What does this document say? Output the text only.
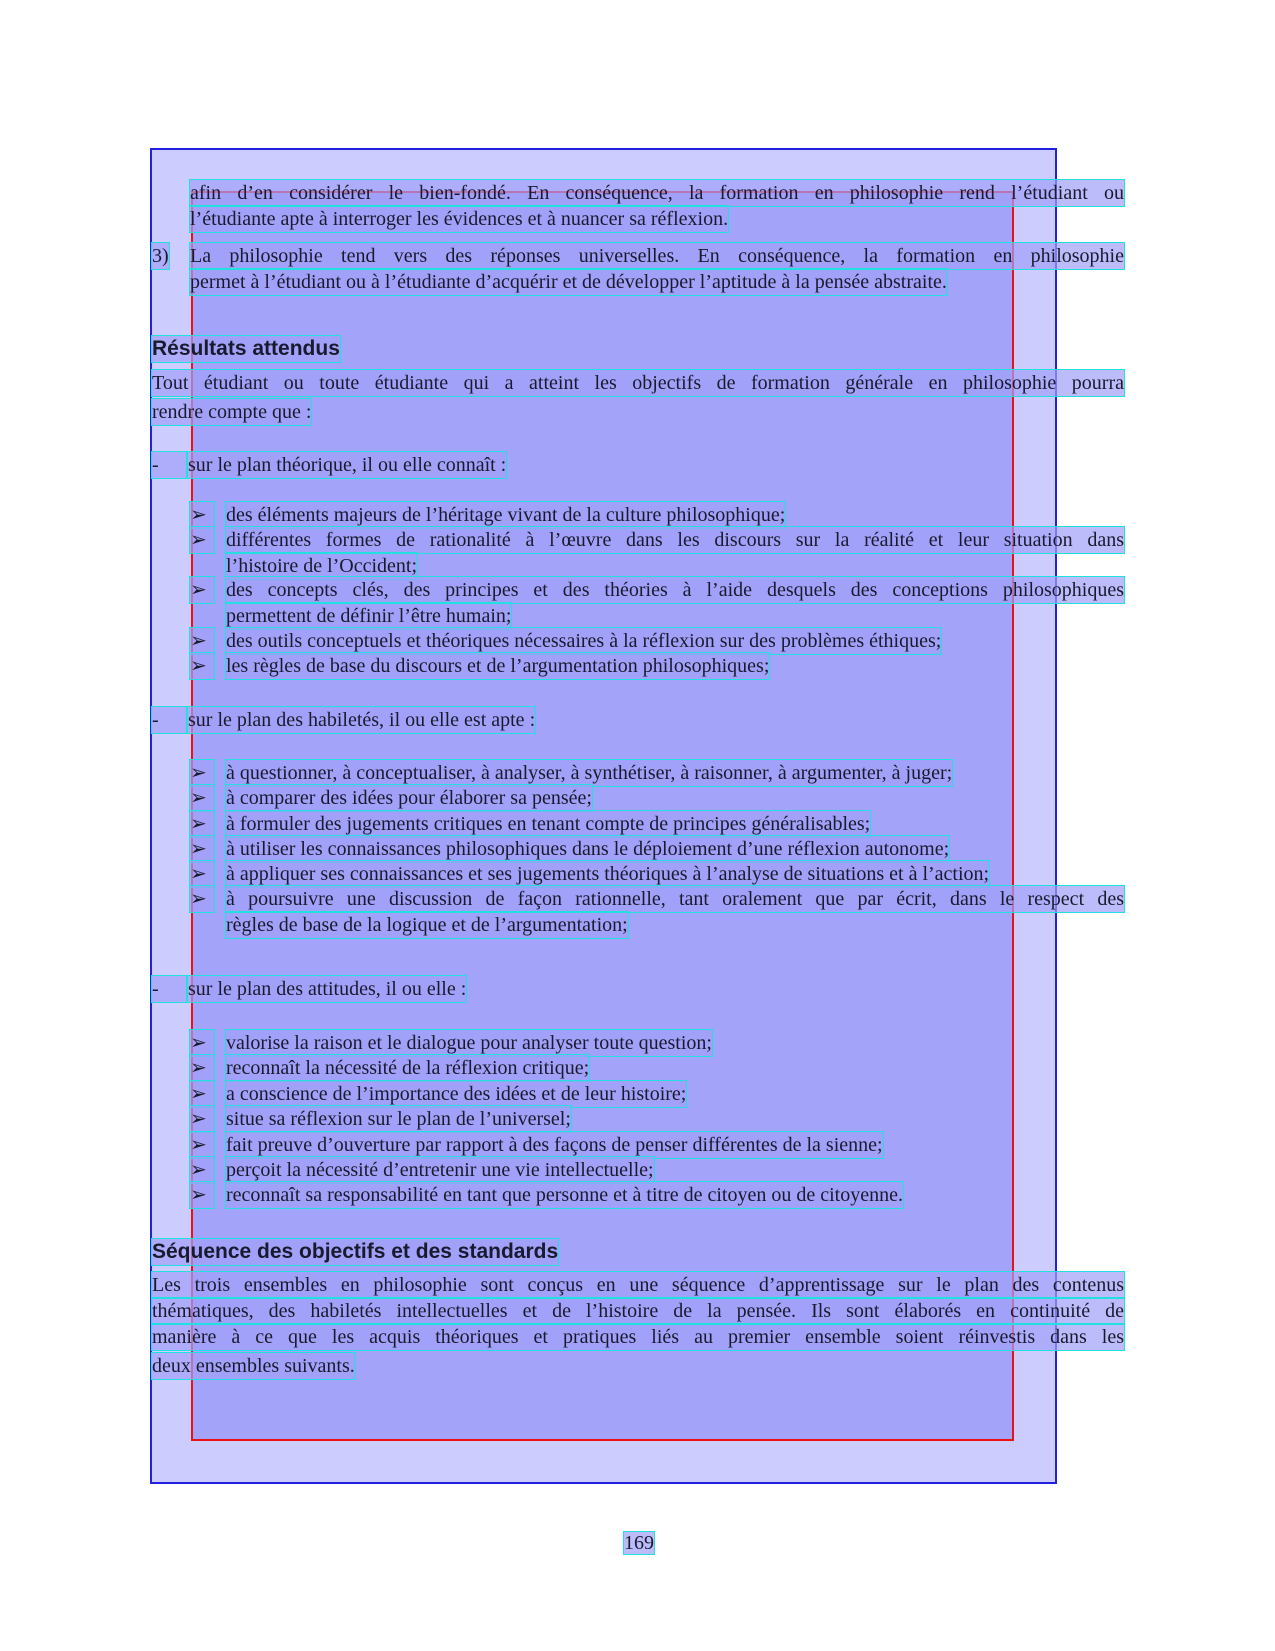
afin d’en considérer le bien-fondé. En conséquence, la formation en philosophie rend l’étudiant ou
l’étudiante apte à interroger les évidences et à nuancer sa réflexion.
3) La philosophie tend vers des réponses universelles. En conséquence, la formation en philosophie
permet à l’étudiant ou à l’étudiante d’acquérir et de développer l’aptitude à la pensée abstraite.
Résultats attendus
Tout étudiant ou toute étudiante qui a atteint les objectifs de formation générale en philosophie pourra
rendre compte que :
-	sur le plan théorique, il ou elle connaît :
➢ des éléments majeurs de l’héritage vivant de la culture philosophique;
➢ différentes formes de rationalité à l’œuvre dans les discours sur la réalité et leur situation dans
l’histoire de l’Occident;
➢ des concepts clés, des principes et des théories à l’aide desquels des conceptions philosophiques
permettent de définir l’être humain;
➢ des outils conceptuels et théoriques nécessaires à la réflexion sur des problèmes éthiques;
➢ les règles de base du discours et de l’argumentation philosophiques;
-	sur le plan des habiletés, il ou elle est apte :
➢ à questionner, à conceptualiser, à analyser, à synthétiser, à raisonner, à argumenter, à juger;
➢ à comparer des idées pour élaborer sa pensée;
➢ à formuler des jugements critiques en tenant compte de principes généralisables;
➢ à utiliser les connaissances philosophiques dans le déploiement d’une réflexion autonome;
➢ à appliquer ses connaissances et ses jugements théoriques à l’analyse de situations et à l’action;
➢ à poursuivre une discussion de façon rationnelle, tant oralement que par écrit, dans le respect des
règles de base de la logique et de l’argumentation;
-	sur le plan des attitudes, il ou elle :
➢ valorise la raison et le dialogue pour analyser toute question;
➢ reconnaît la nécessité de la réflexion critique;
➢ a conscience de l’importance des idées et de leur histoire;
➢ situe sa réflexion sur le plan de l’universel;
➢ fait preuve d’ouverture par rapport à des façons de penser différentes de la sienne;
➢ perçoit la nécessité d’entretenir une vie intellectuelle;
➢ reconnaît sa responsabilité en tant que personne et à titre de citoyen ou de citoyenne.
Séquence des objectifs et des standards
Les trois ensembles en philosophie sont conçus en une séquence d’apprentissage sur le plan des contenus
thématiques, des habiletés intellectuelles et de l’histoire de la pensée. Ils sont élaborés en continuité de
manière à ce que les acquis théoriques et pratiques liés au premier ensemble soient réinvestis dans les
deux ensembles suivants.
169
